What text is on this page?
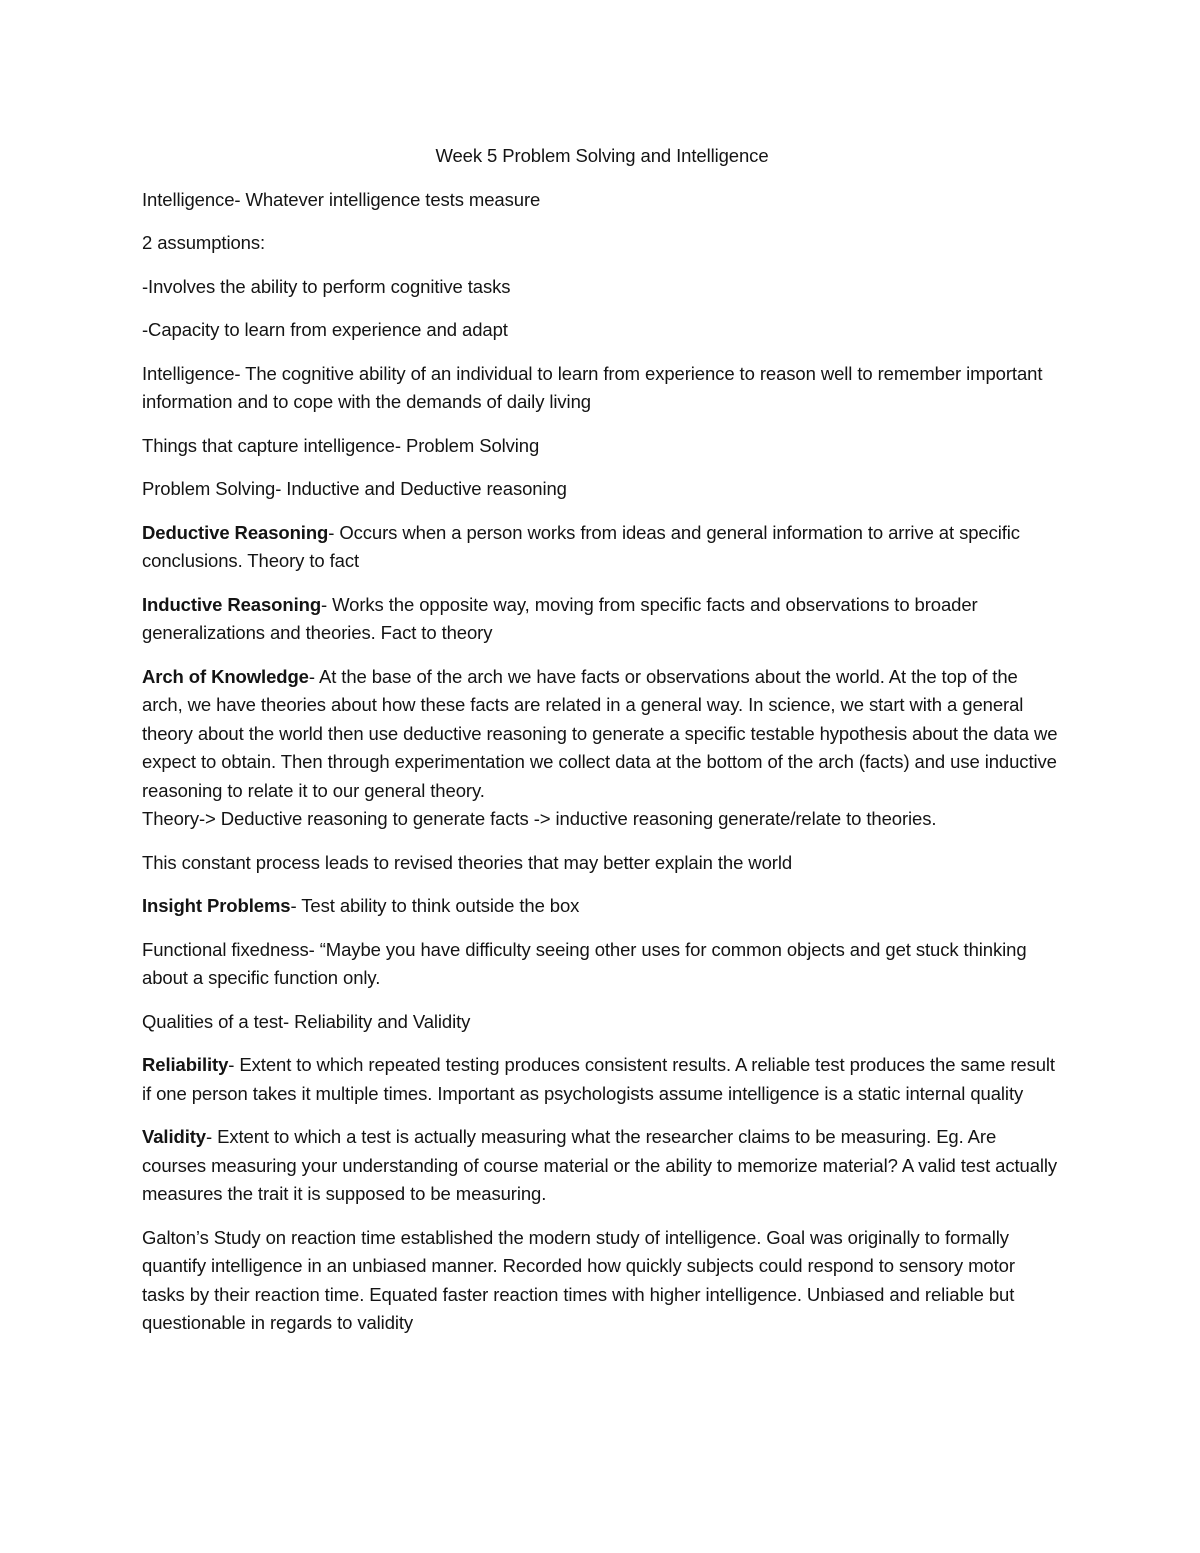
Week 5 Problem Solving and Intelligence

Intelligence- Whatever intelligence tests measure

2 assumptions:

-Involves the ability to perform cognitive tasks

-Capacity to learn from experience and adapt

Intelligence- The cognitive ability of an individual to learn from experience to reason well to remember important information and to cope with the demands of daily living

Things that capture intelligence- Problem Solving

Problem Solving- Inductive and Deductive reasoning

Deductive Reasoning- Occurs when a person works from ideas and general information to arrive at specific conclusions. Theory to fact

Inductive Reasoning- Works the opposite way, moving from specific facts and observations to broader generalizations and theories. Fact to theory

Arch of Knowledge- At the base of the arch we have facts or observations about the world. At the top of the arch, we have theories about how these facts are related in a general way. In science, we start with a general theory about the world then use deductive reasoning to generate a specific testable hypothesis about the data we expect to obtain. Then through experimentation we collect data at the bottom of the arch (facts) and use inductive reasoning to relate it to our general theory.

Theory-> Deductive reasoning to generate facts -> inductive reasoning generate/relate to theories.

This constant process leads to revised theories that may better explain the world

Insight Problems- Test ability to think outside the box

Functional fixedness- “Maybe you have difficulty seeing other uses for common objects and get stuck thinking about a specific function only.

Qualities of a test- Reliability and Validity

Reliability- Extent to which repeated testing produces consistent results. A reliable test produces the same result if one person takes it multiple times. Important as psychologists assume intelligence is a static internal quality

Validity- Extent to which a test is actually measuring what the researcher claims to be measuring. Eg. Are courses measuring your understanding of course material or the ability to memorize material? A valid test actually measures the trait it is supposed to be measuring.

Galton’s Study on reaction time established the modern study of intelligence. Goal was originally to formally quantify intelligence in an unbiased manner. Recorded how quickly subjects could respond to sensory motor tasks by their reaction time. Equated faster reaction times with higher intelligence. Unbiased and reliable but questionable in regards to validity
